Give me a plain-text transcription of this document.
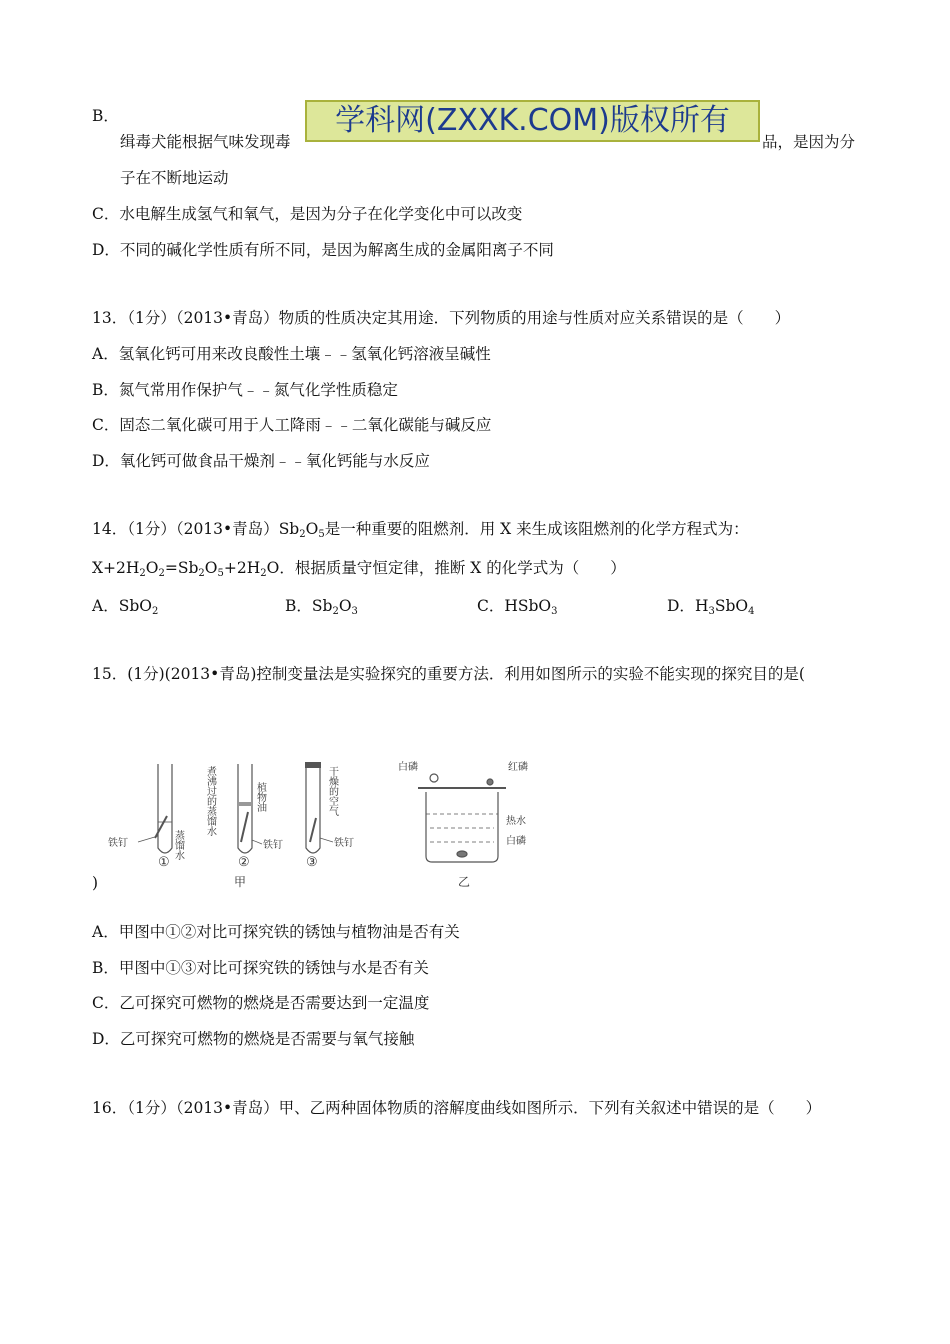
B．
缉毒犬能根据气味发现毒	品，是因为分
学科网(ZXXK.COM)版权所有
子在不断地运动
C．水电解生成氢气和氧气，是因为分子在化学变化中可以改变
D．不同的碱化学性质有所不同，是因为解离生成的金属阳离子不同
13．（1分）（2013•青岛）物质的性质决定其用途．下列物质的用途与性质对应关系错误的是（　　）
A．氢氧化钙可用来改良酸性土壤﹣﹣氢氧化钙溶液呈碱性
B．氮气常用作保护气﹣﹣氮气化学性质稳定
C．固态二氧化碳可用于人工降雨﹣﹣二氧化碳能与碱反应
D．氧化钙可做食品干燥剂﹣﹣氧化钙能与水反应
14．（1分）（2013•青岛）$Sb_2O_5$是一种重要的阻燃剂．用 X 来生成该阻燃剂的化学方程式为：
$X+2H_2O_2=Sb_2O_5+2H_2O$．根据质量守恒定律，推断 X 的化学式为（　　）
A．SbO$_2$	B．$Sb_2O_3$	C．HSbO$_3$	D．$H_3SbO_4$
15．(1分)(2013•青岛)控制变量法是实验探究的重要方法．利用如图所示的实验不能实现的探究目的是(
铁钉	蒸馏水
煮沸过的蒸馏水	植物油
铁钉
干燥的空气
铁钉
①	②	③
甲
白磷	红磷
热水
白磷
乙
)
A．甲图中①②对比可探究铁的锈蚀与植物油是否有关
B．甲图中①③对比可探究铁的锈蚀与水是否有关
C．乙可探究可燃物的燃烧是否需要达到一定温度
D．乙可探究可燃物的燃烧是否需要与氧气接触
16．（1分）（2013•青岛）甲、乙两种固体物质的溶解度曲线如图所示．下列有关叙述中错误的是（　　）
